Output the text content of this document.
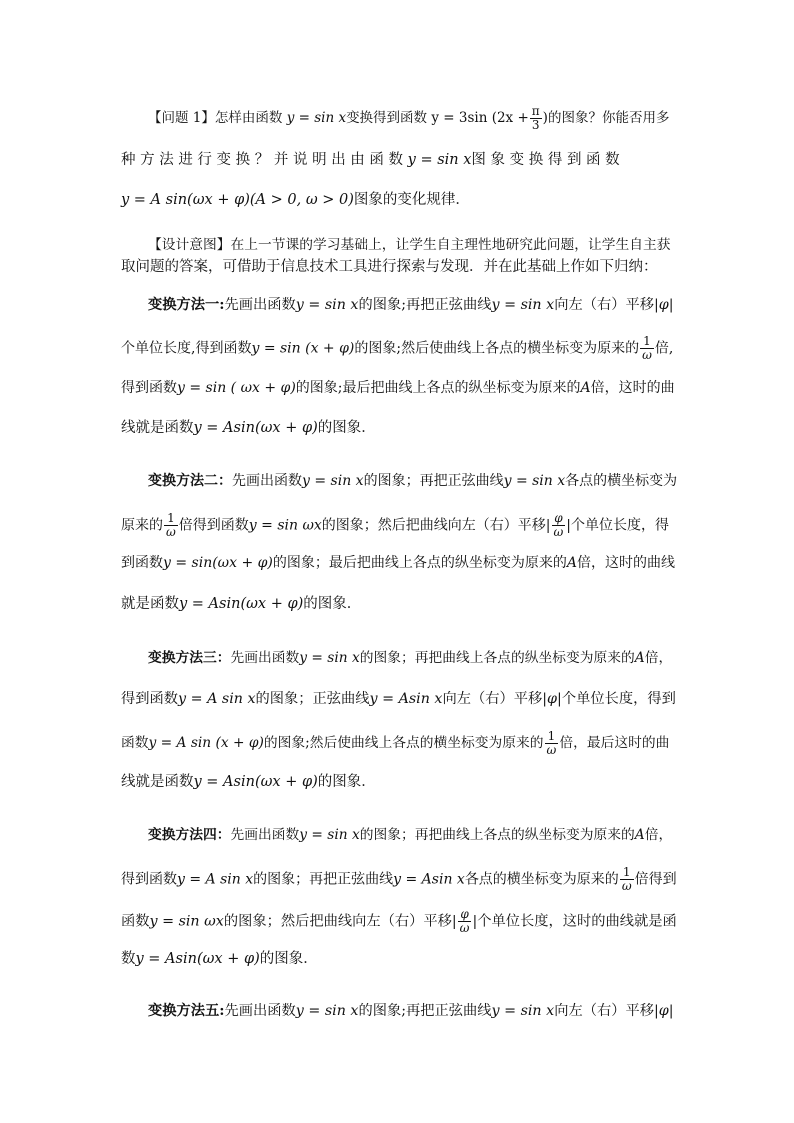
【问题 1】怎样由函数 y = sin x变换得到函数 y = 3sin ($2x + \frac{\pi}{3}$ )的图象？你能否用多
种 方 法 进 行 变 换 ？ 并 说 明 出 由 函 数 y = sin x图 象 变 换 得 到 函 数
y = A sin(ωx + φ)(A > 0, ω > 0)图象的变化规律．
【设计意图】在上一节课的学习基础上，让学生自主理性地研究此问题，让学生自主获
取问题的答案，可借助于信息技术工具进行探索与发现．并在此基础上作如下归纳：
变换方法一:先画出函数y = sin x的图象;再把正弦曲线y = sin x向左（右）平移|φ|
个单位长度,得到函数y = sin (x + φ)的图象;然后使曲线上各点的横坐标变为原来的 $\frac{1}{\omega}$ 倍,
得到函数y = sin ( ωx + φ)的图象;最后把曲线上各点的纵坐标变为原来的A倍，这时的曲
线就是函数y = Asin(ωx + φ)的图象．
变换方法二：先画出函数y = sin x的图象；再把正弦曲线y = sin x各点的横坐标变为
原来的 $\frac{1}{\omega}$ 倍得到函数y = sin ωx的图象；然后把曲线向左（右）平移| $\frac{\varphi}{\omega}$ |个单位长度，得
到函数y = sin(ωx + φ)的图象；最后把曲线上各点的纵坐标变为原来的A倍，这时的曲线
就是函数y = Asin(ωx + φ)的图象．
变换方法三：先画出函数y = sin x的图象；再把曲线上各点的纵坐标变为原来的A倍，
得到函数y = A sin x的图象；正弦曲线y = Asin x向左（右）平移|φ|个单位长度，得到
函数y = A sin (x + φ)的图象;然后使曲线上各点的横坐标变为原来的 $\frac{1}{\omega}$ 倍，最后这时的曲
线就是函数y = Asin(ωx + φ)的图象．
变换方法四：先画出函数y = sin x的图象；再把曲线上各点的纵坐标变为原来的A倍，
得到函数y = A sin x的图象；再把正弦曲线y = Asin x各点的横坐标变为原来的 $\frac{1}{\omega}$ 倍得到
函数y = sin ωx的图象；然后把曲线向左（右）平移| $\frac{\varphi}{\omega}$ |个单位长度，这时的曲线就是函
数y = Asin(ωx + φ)的图象．
变换方法五:先画出函数y = sin x的图象;再把正弦曲线y = sin x向左（右）平移|φ|
